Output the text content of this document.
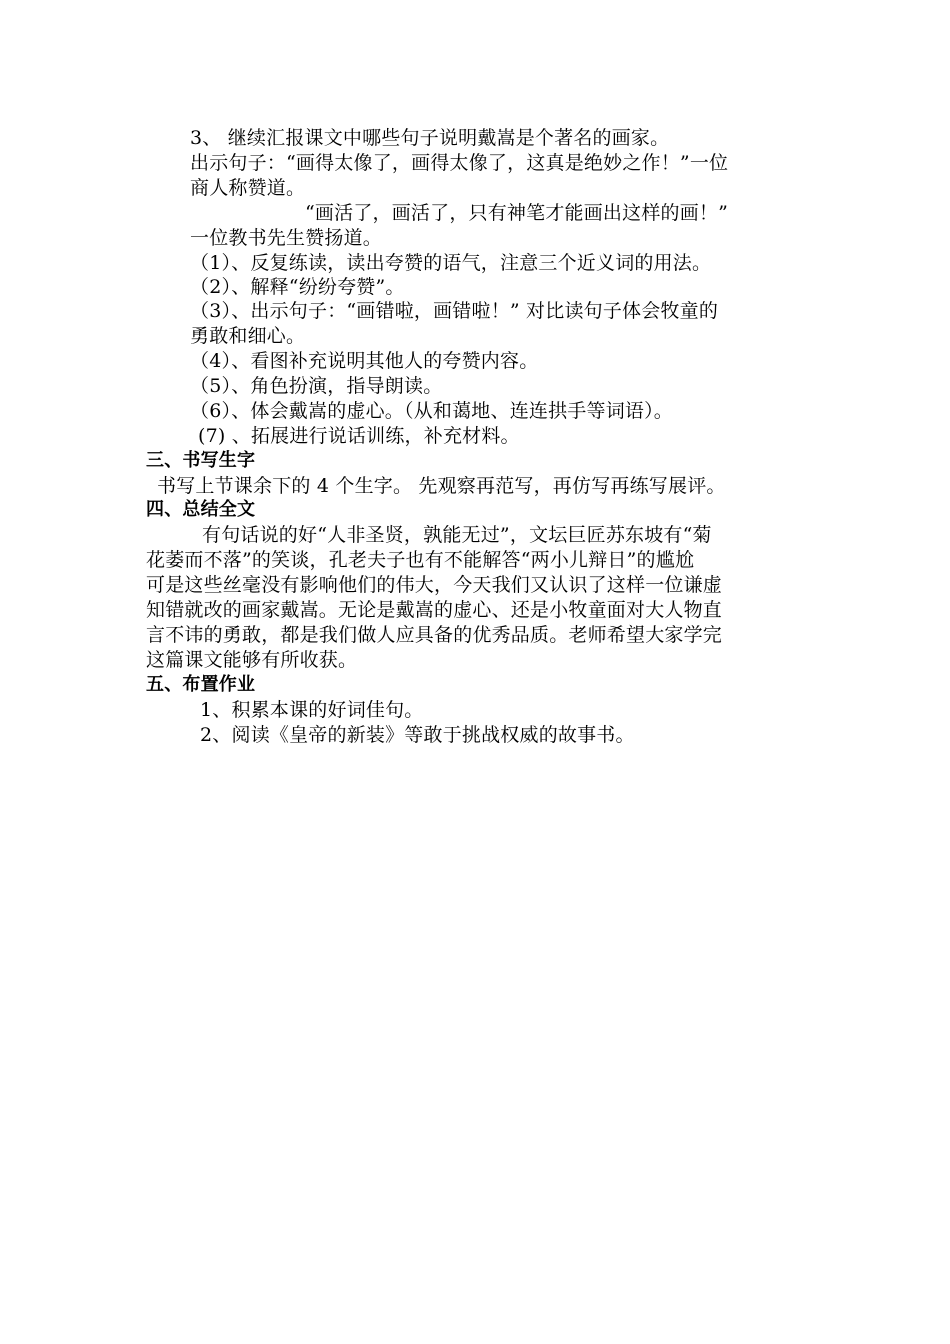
3、 继续汇报课文中哪些句子说明戴嵩是个著名的画家。
出示句子：“画得太像了，画得太像了，这真是绝妙之作！”一位
商人称赞道。
“画活了，画活了，只有神笔才能画出这样的画！”
一位教书先生赞扬道。
（1）、反复练读，读出夸赞的语气，注意三个近义词的用法。
（2）、解释“纷纷夸赞”。
（3）、出示句子：“画错啦，画错啦！” 对比读句子体会牧童的
勇敢和细心。
（4）、看图补充说明其他人的夸赞内容。
（5）、角色扮演，指导朗读。
（6）、体会戴嵩的虚心。（从和蔼地、连连拱手等词语）。
(7) 、拓展进行说话训练，补充材料。
三、书写生字
书写上节课余下的 4 个生字。 先观察再范写，再仿写再练写展评。
四、总结全文
有句话说的好“人非圣贤，孰能无过”，文坛巨匠苏东坡有“菊
花萎而不落”的笑谈，孔老夫子也有不能解答“两小儿辩日”的尴尬
可是这些丝毫没有影响他们的伟大，今天我们又认识了这样一位谦虚
知错就改的画家戴嵩。无论是戴嵩的虚心、还是小牧童面对大人物直
言不讳的勇敢，都是我们做人应具备的优秀品质。老师希望大家学完
这篇课文能够有所收获。
五、布置作业
1、积累本课的好词佳句。
2、阅读《皇帝的新装》等敢于挑战权威的故事书。
